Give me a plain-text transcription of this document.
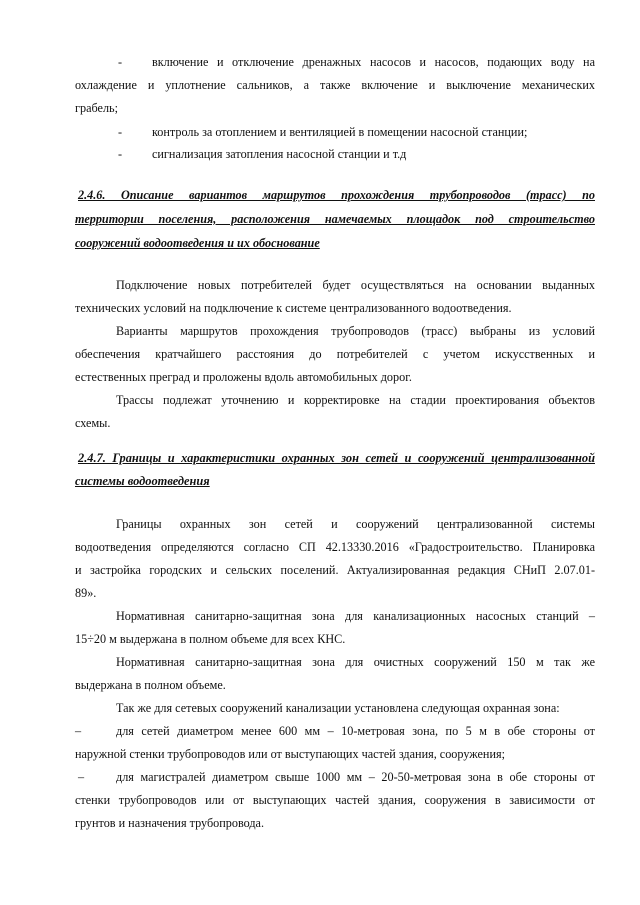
- включение и отключение дренажных насосов и насосов, подающих воду на
охлаждение и уплотнение сальников, а также включение и выключение механических
грабель;
- контроль за отоплением и вентиляцией в помещении насосной станции;
- сигнализация затопления насосной станции и т.д
2.4.6. Описание вариантов маршрутов прохождения трубопроводов (трасс) по
территории поселения, расположения намечаемых площадок под строительство
сооружений водоотведения и их обоснование
Подключение новых потребителей будет осуществляться на основании выданных
технических условий на подключение к системе централизованного водоотведения.
Варианты маршрутов прохождения трубопроводов (трасс) выбраны из условий
обеспечения кратчайшего расстояния до потребителей с учетом искусственных и
естественных преград и проложены вдоль автомобильных дорог.
Трассы подлежат уточнению и корректировке на стадии проектирования объектов
схемы.
2.4.7. Границы и характеристики охранных зон сетей и сооружений централизованной
системы водоотведения
Границы охранных зон сетей и сооружений централизованной системы
водоотведения определяются согласно СП 42.13330.2016 «Градостроительство. Планировка
и застройка городских и сельских поселений. Актуализированная редакция СНиП 2.07.01-
89».
Нормативная санитарно-защитная зона для канализационных насосных станций –
15÷20 м выдержана в полном объеме для всех КНС.
Нормативная санитарно-защитная зона для очистных сооружений 150 м так же
выдержана в полном объеме.
Так же для сетевых сооружений канализации установлена следующая охранная зона:
–	для сетей диаметром менее 600 мм – 10-метровая зона, по 5 м в обе стороны от
наружной стенки трубопроводов или от выступающих частей здания, сооружения;
–	для магистралей диаметром свыше 1000 мм – 20-50-метровая зона в обе стороны от
стенки трубопроводов или от выступающих частей здания, сооружения в зависимости от
грунтов и назначения трубопровода.
